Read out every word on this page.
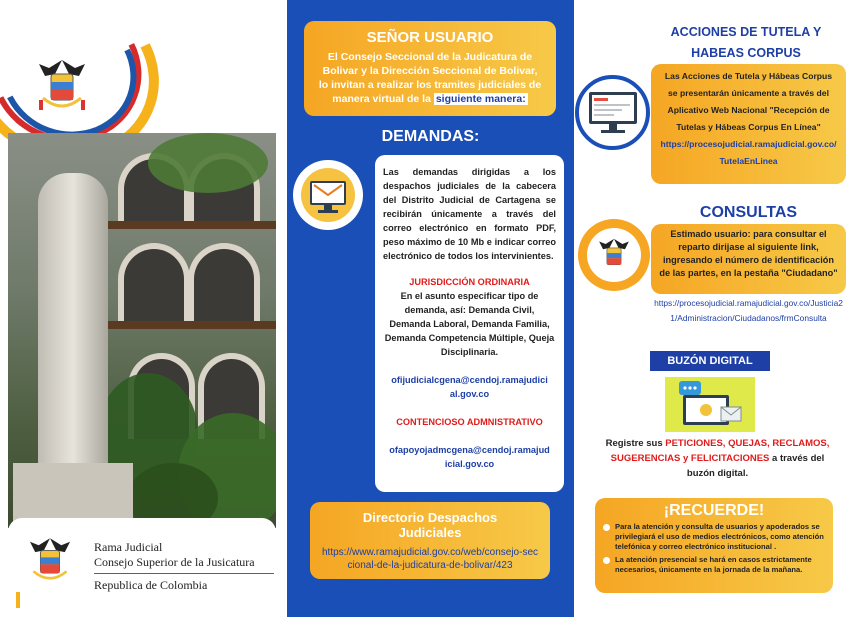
Rama Judicial
Consejo Superior de la Jusicatura
Republica de Colombia
SEÑOR USUARIO
El Consejo Seccional de la Judicatura de Bolivar y la Dirección Seccional de Bolivar, lo invitan a realizar los tramites judiciales de manera virtual de la siguiente manera:
DEMANDAS:
Las demandas dirigidas a los despachos judiciales de la cabecera del Distrito Judicial de Cartagena se recibirán únicamente a través del correo electrónico en formato PDF, peso máximo de 10 Mb e indicar correo electrónico de todos los intervinientes.
JURISDICCIÓN ORDINARIA
En el asunto especificar tipo de demanda, así: Demanda Civil, Demanda Laboral, Demanda Familia, Demanda Competencia Múltiple, Queja Disciplinaria.
ofijudicialcgena@cendoj.ramajudicial.gov.co
CONTENCIOSO ADMNISTRATIVO
ofapoyojadmcgena@cendoj.ramajudicial.gov.co
Directorio Despachos Judiciales
https://www.ramajudicial.gov.co/web/consejo-seccional-de-la-judicatura-de-bolivar/423
ACCIONES DE TUTELA Y HABEAS CORPUS
Las Acciones de Tutela y Hábeas Corpus se presentarán únicamente a través del Aplicativo Web Nacional "Recepción de Tutelas y Hábeas Corpus En Línea"
https://procesojudicial.ramajudicial.gov.co/TutelaEnLinea
CONSULTAS
Estimado usuario: para consultar el reparto dirijase al siguiente link, ingresando el número de identificación de las partes, en la pestaña "Ciudadano"
https://procesojudicial.ramajudicial.gov.co/Justicia21/Administracion/Ciudadanos/frmConsulta
BUZÓN DIGITAL
Registre sus PETICIONES, QUEJAS, RECLAMOS, SUGERENCIAS y FELICITACIONES a través del buzón digital.
¡RECUERDE!
Para la atención y consulta de usuarios y apoderados se privilegiará el uso de medios electrónicos, como atención telefónica y correo electrónico institucional .
La atención presencial se hará en casos estrictamente necesarios, únicamente en la jornada de la mañana.
